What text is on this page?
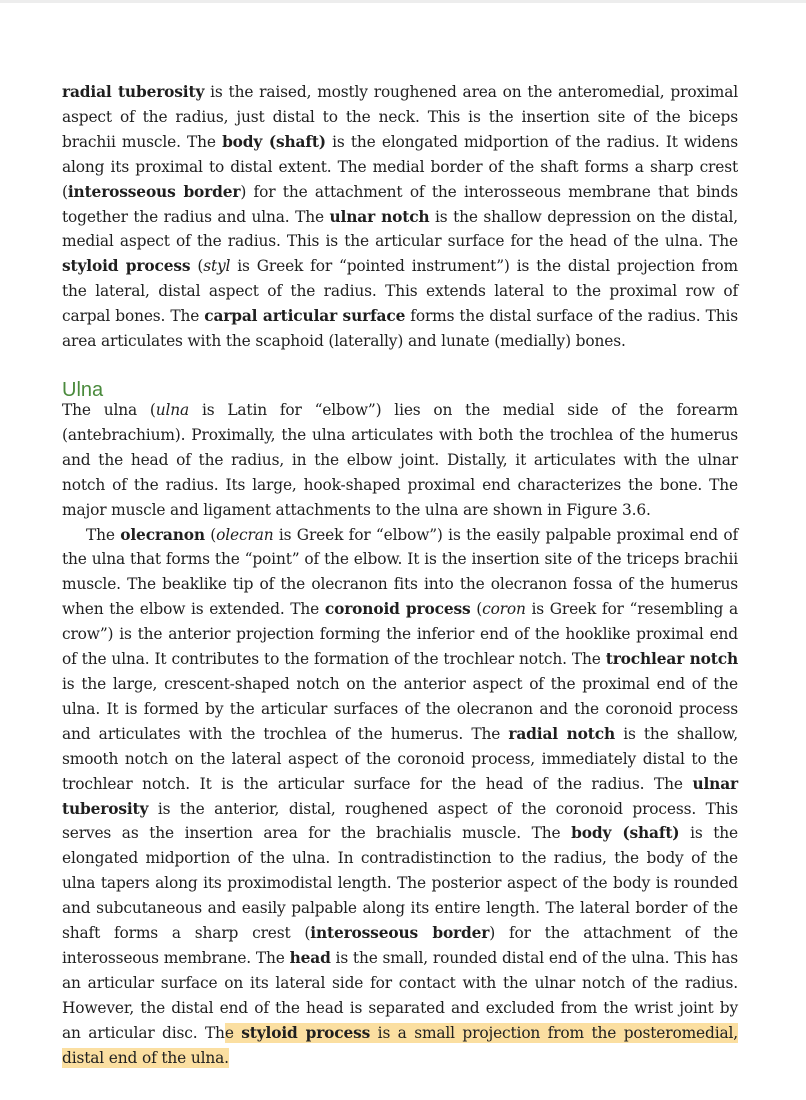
radial tuberosity is the raised, mostly roughened area on the anteromedial, proximal aspect of the radius, just distal to the neck. This is the insertion site of the biceps brachii muscle. The body (shaft) is the elongated midportion of the radius. It widens along its proximal to distal extent. The medial border of the shaft forms a sharp crest (interosseous border) for the attachment of the interosseous membrane that binds together the radius and ulna. The ulnar notch is the shallow depression on the distal, medial aspect of the radius. This is the articular surface for the head of the ulna. The styloid process (styl is Greek for “pointed instrument”) is the distal projection from the lateral, distal aspect of the radius. This extends lateral to the proximal row of carpal bones. The carpal articular surface forms the distal surface of the radius. This area articulates with the scaphoid (laterally) and lunate (medially) bones.

Ulna

The ulna (ulna is Latin for “elbow”) lies on the medial side of the forearm (antebrachium). Proximally, the ulna articulates with both the trochlea of the humerus and the head of the radius, in the elbow joint. Distally, it articulates with the ulnar notch of the radius. Its large, hook-shaped proximal end characterizes the bone. The major muscle and ligament attachments to the ulna are shown in Figure 3.6.

The olecranon (olecran is Greek for “elbow”) is the easily palpable proximal end of the ulna that forms the “point” of the elbow. It is the insertion site of the triceps brachii muscle. The beaklike tip of the olecranon fits into the olecranon fossa of the humerus when the elbow is extended. The coronoid process (coron is Greek for “resembling a crow”) is the anterior projection forming the inferior end of the hooklike proximal end of the ulna. It contributes to the formation of the trochlear notch. The trochlear notch is the large, crescent-shaped notch on the anterior aspect of the proximal end of the ulna. It is formed by the articular surfaces of the olecranon and the coronoid process and articulates with the trochlea of the humerus. The radial notch is the shallow, smooth notch on the lateral aspect of the coronoid process, immediately distal to the trochlear notch. It is the articular surface for the head of the radius. The ulnar tuberosity is the anterior, distal, roughened aspect of the coronoid process. This serves as the insertion area for the brachialis muscle. The body (shaft) is the elongated midportion of the ulna. In contradistinction to the radius, the body of the ulna tapers along its proximodistal length. The posterior aspect of the body is rounded and subcutaneous and easily palpable along its entire length. The lateral border of the shaft forms a sharp crest (interosseous border) for the attachment of the interosseous membrane. The head is the small, rounded distal end of the ulna. This has an articular surface on its lateral side for contact with the ulnar notch of the radius. However, the distal end of the head is separated and excluded from the wrist joint by an articular disc. The styloid process is a small projection from the posteromedial, distal end of the ulna.
